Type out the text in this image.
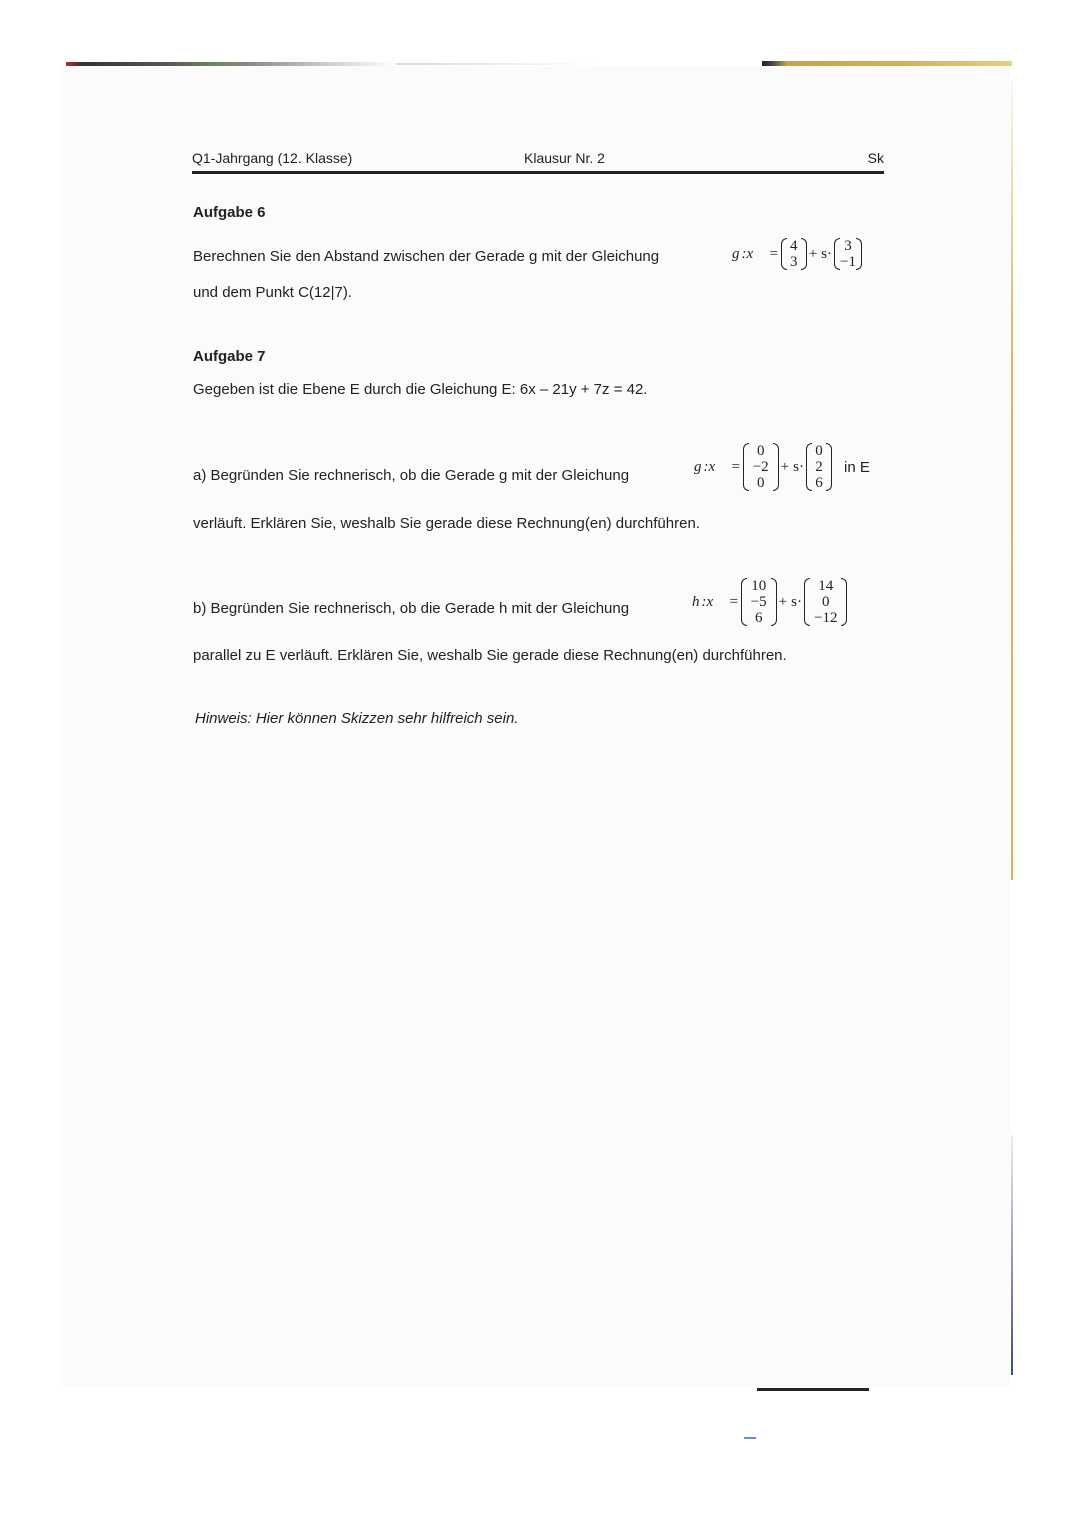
Q1-Jahrgang (12. Klasse)	Klausur Nr. 2	Sk
Aufgabe 6
Berechnen Sie den Abstand zwischen der Gerade g mit der Gleichung	g :x⃗ = 4
3
+ s· 3
−1
und dem Punkt C(12|7).
Aufgabe 7
Gegeben ist die Ebene E durch die Gleichung E: 6x – 21y + 7z = 42.
a) Begründen Sie rechnerisch, ob die Gerade g mit der Gleichung
g :x⃗ =
0
−2
0
+ s·
0
2
6
in E
verläuft. Erklären Sie, weshalb Sie gerade diese Rechnung(en) durchführen.
b) Begründen Sie rechnerisch, ob die Gerade h mit der Gleichung	h :x⃗ =
10
−5
6
+ s·
14
0
−12
parallel zu E verläuft. Erklären Sie, weshalb Sie gerade diese Rechnung(en) durchführen.
Hinweis: Hier können Skizzen sehr hilfreich sein.
